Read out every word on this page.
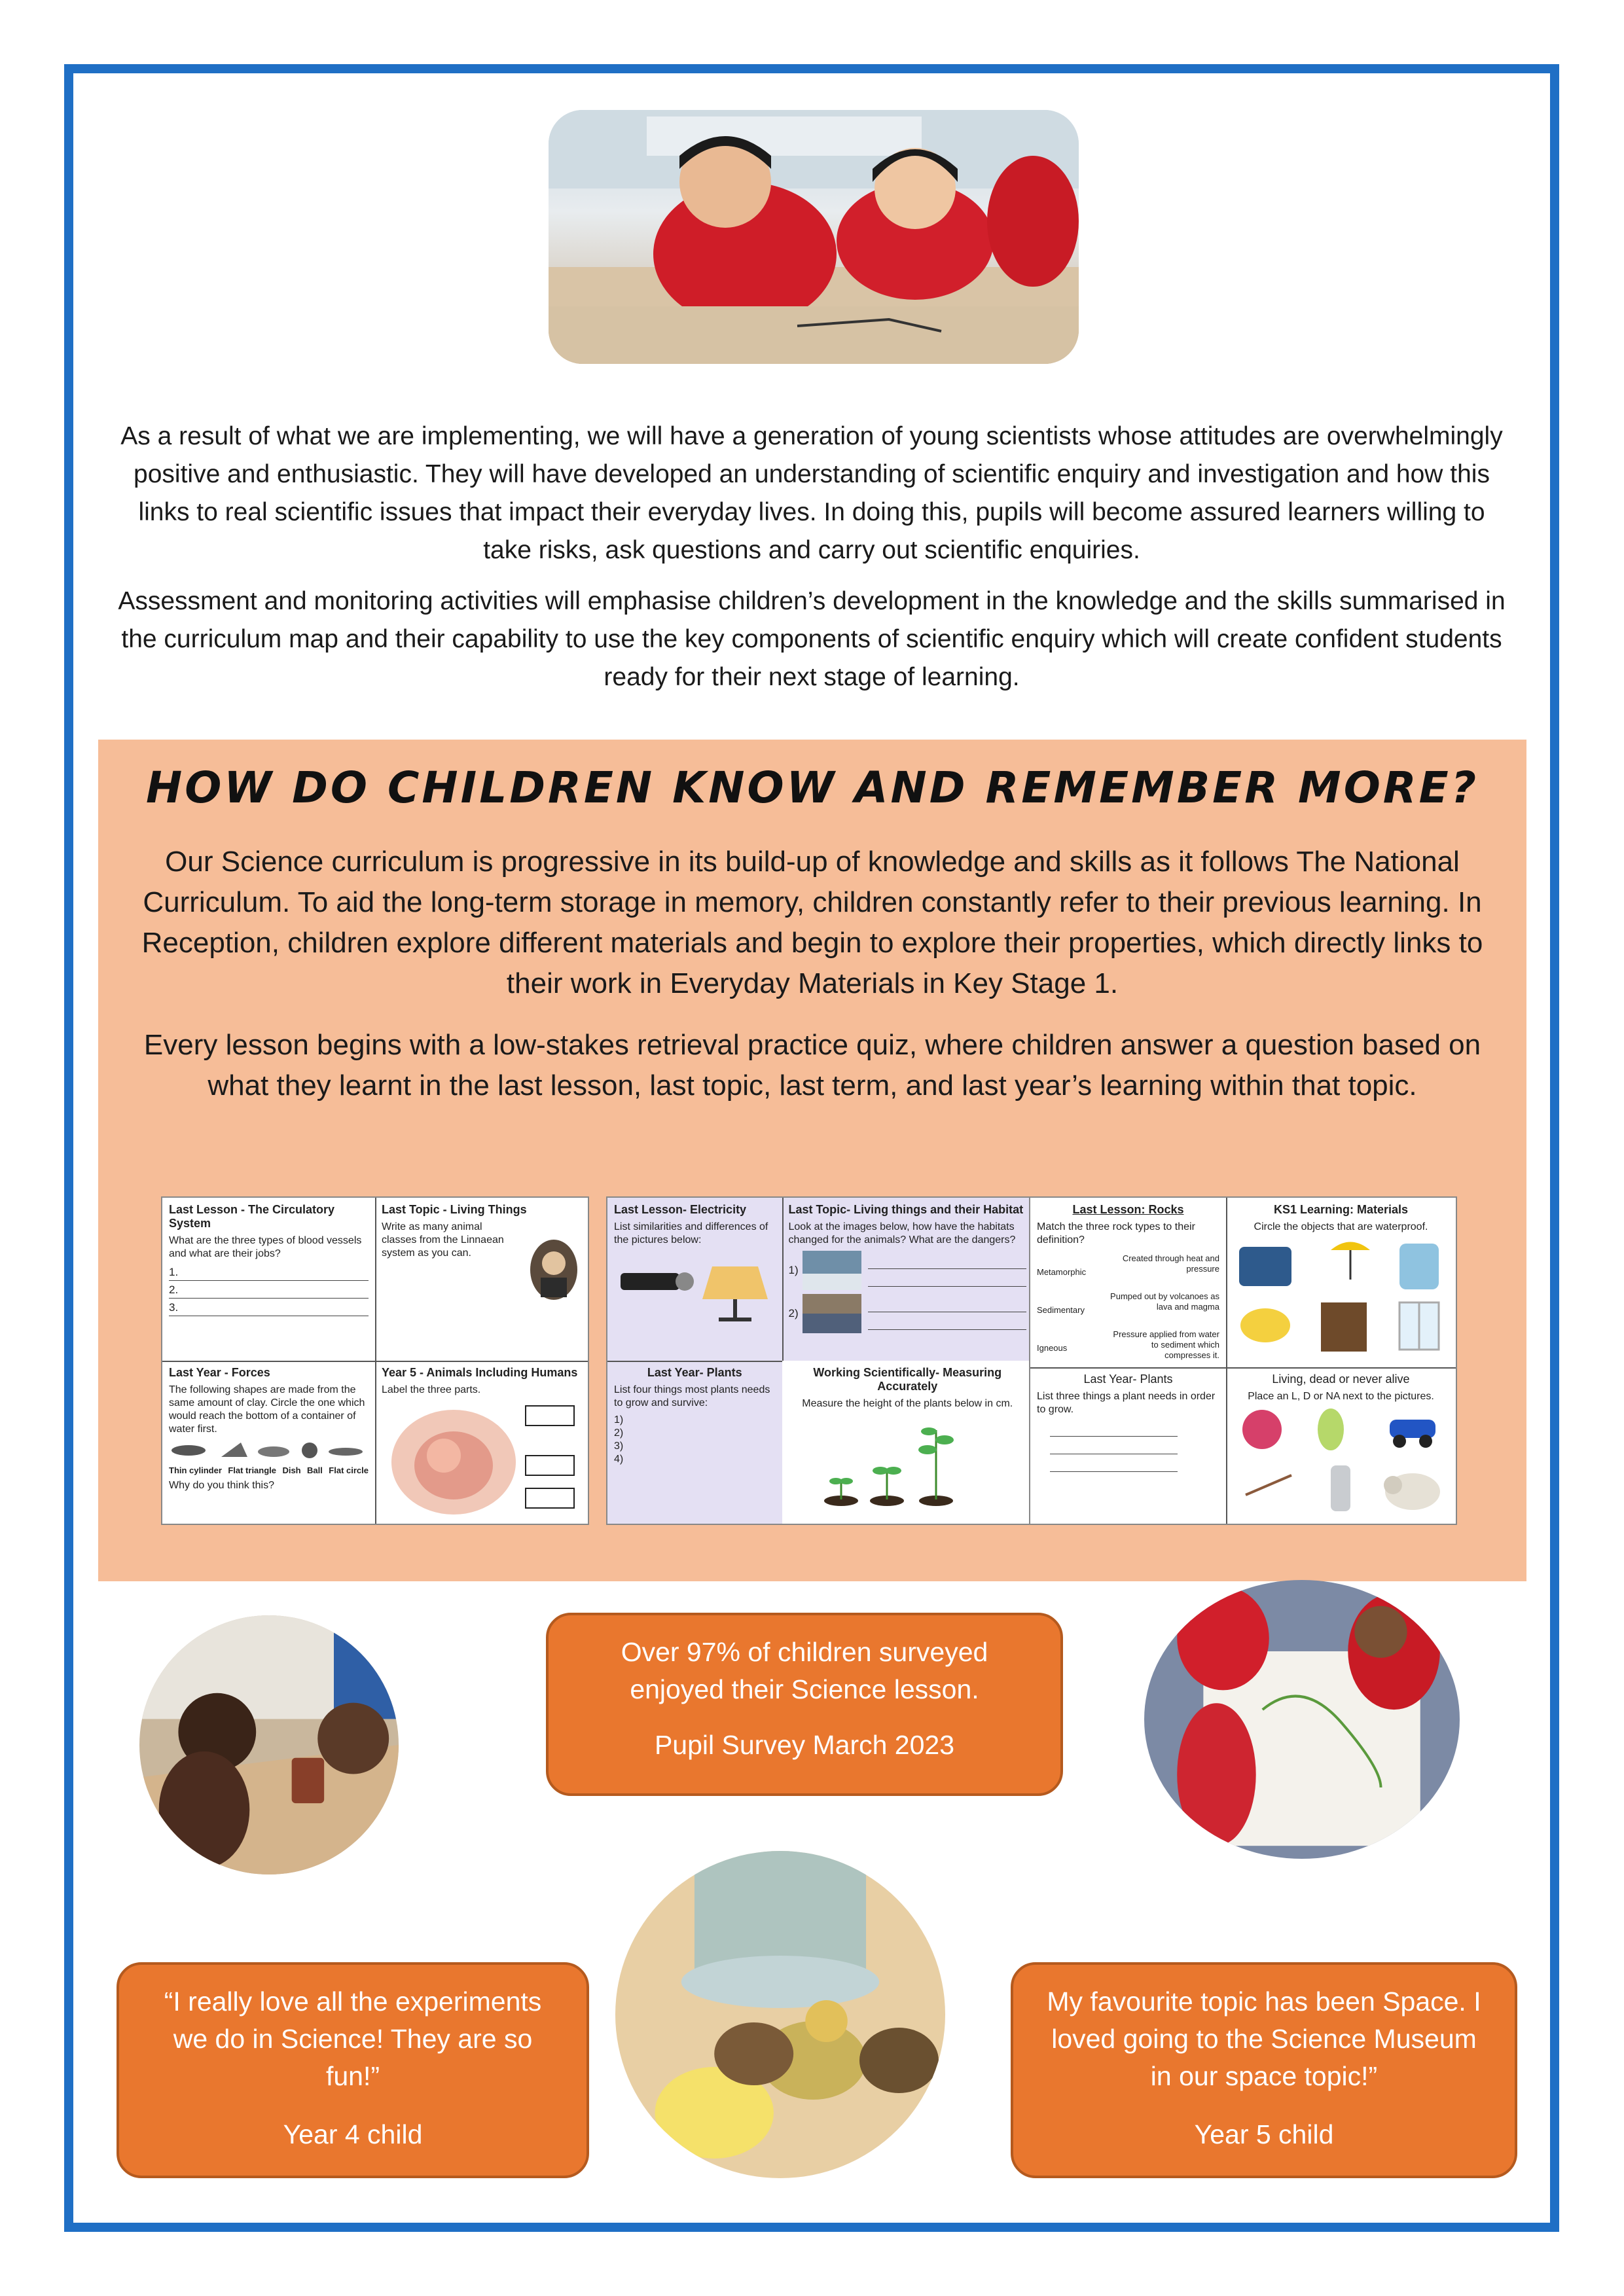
As a result of what we are implementing, we will have a generation of young scientists whose attitudes are overwhelmingly positive and enthusiastic. They will have developed an understanding of scientific enquiry and investigation and how this links to real scientific issues that impact their everyday lives. In doing this, pupils will become assured learners willing to take risks, ask questions and carry out scientific enquiries.

Assessment and monitoring activities will emphasise children’s development in the knowledge and the skills summarised in the curriculum map and their capability to use the key components of scientific enquiry which will create confident students ready for their next stage of learning.

HOW DO CHILDREN KNOW AND REMEMBER MORE?

Our Science curriculum is progressive in its build-up of knowledge and skills as it follows The National Curriculum. To aid the long-term storage in memory, children constantly refer to their previous learning. In Reception, children explore different materials and begin to explore their properties, which directly links to their work in Everyday Materials in Key Stage 1.

Every lesson begins with a low-stakes retrieval practice quiz, where children answer a question based on what they learnt in the last lesson, last topic, last term, and last year’s learning within that topic.

Last Lesson - The Circulatory System
What are the three types of blood vessels and what are their jobs?
1.
2.
3.
Last Topic - Living Things
Write as many animal classes from the Linnaean system as you can.
Last Year - Forces
The following shapes are made from the same amount of clay. Circle the one which would reach the bottom of a container of water first.
Thin cylinder Flat triangle Dish Ball Flat circle
Why do you think this?
Year 5 - Animals Including Humans
Label the three parts.
Last Lesson- Electricity
List similarities and differences of the pictures below:
Last Topic- Living things and their Habitat
Look at the images below, how have the habitats changed for the animals? What are the dangers?
1)
2)
Last Year- Plants
List four things most plants needs to grow and survive:
1)
2)
3)
4)
Working Scientifically- Measuring Accurately
Measure the height of the plants below in cm.
Last Lesson: Rocks
Match the three rock types to their definition?
Metamorphic
Sedimentary
Igneous
Created through heat and pressure
Pumped out by volcanoes as lava and magma
Pressure applied from water to sediment which compresses it.
KS1 Learning: Materials
Circle the objects that are waterproof.
Last Year- Plants
List three things a plant needs in order to grow.
Living, dead or never alive
Place an L, D or NA next to the pictures.

Over 97% of children surveyed enjoyed their Science lesson.

Pupil Survey March 2023

“I really love all the experiments we do in Science! They are so fun!”

Year 4 child

My favourite topic has been Space. I loved going to the Science Museum in our space topic!”

Year 5 child
